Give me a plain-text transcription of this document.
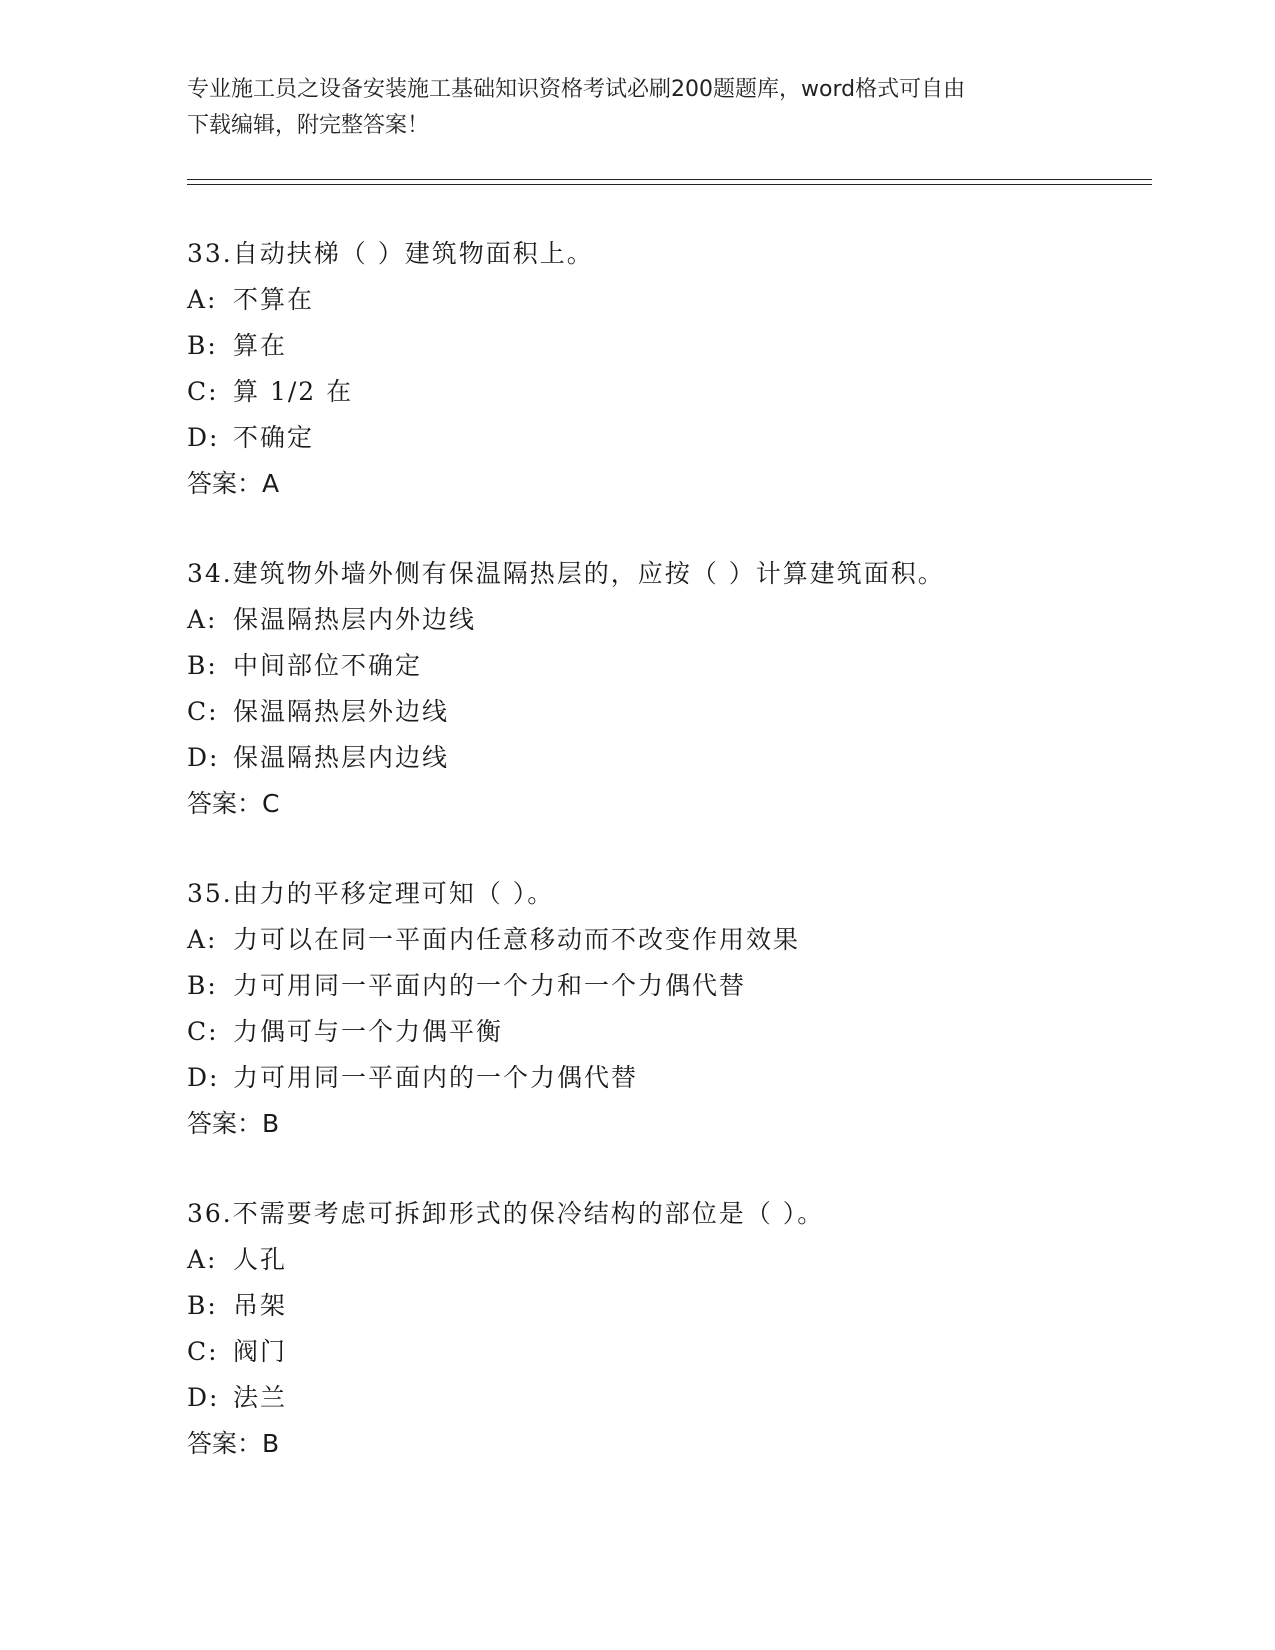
专业施工员之设备安装施工基础知识资格考试必刷200题题库，word格式可自由
下载编辑，附完整答案！
33.自动扶梯（ ）建筑物面积上。
A: 不算在
B: 算在
C: 算 1/2 在
D: 不确定
答案：A
34.建筑物外墙外侧有保温隔热层的，应按（ ）计算建筑面积。
A: 保温隔热层内外边线
B: 中间部位不确定
C: 保温隔热层外边线
D: 保温隔热层内边线
答案：C
35.由力的平移定理可知（ ）。
A: 力可以在同一平面内任意移动而不改变作用效果
B: 力可用同一平面内的一个力和一个力偶代替
C: 力偶可与一个力偶平衡
D: 力可用同一平面内的一个力偶代替
答案：B
36.不需要考虑可拆卸形式的保冷结构的部位是（ ）。
A: 人孔
B: 吊架
C: 阀门
D: 法兰
答案：B
